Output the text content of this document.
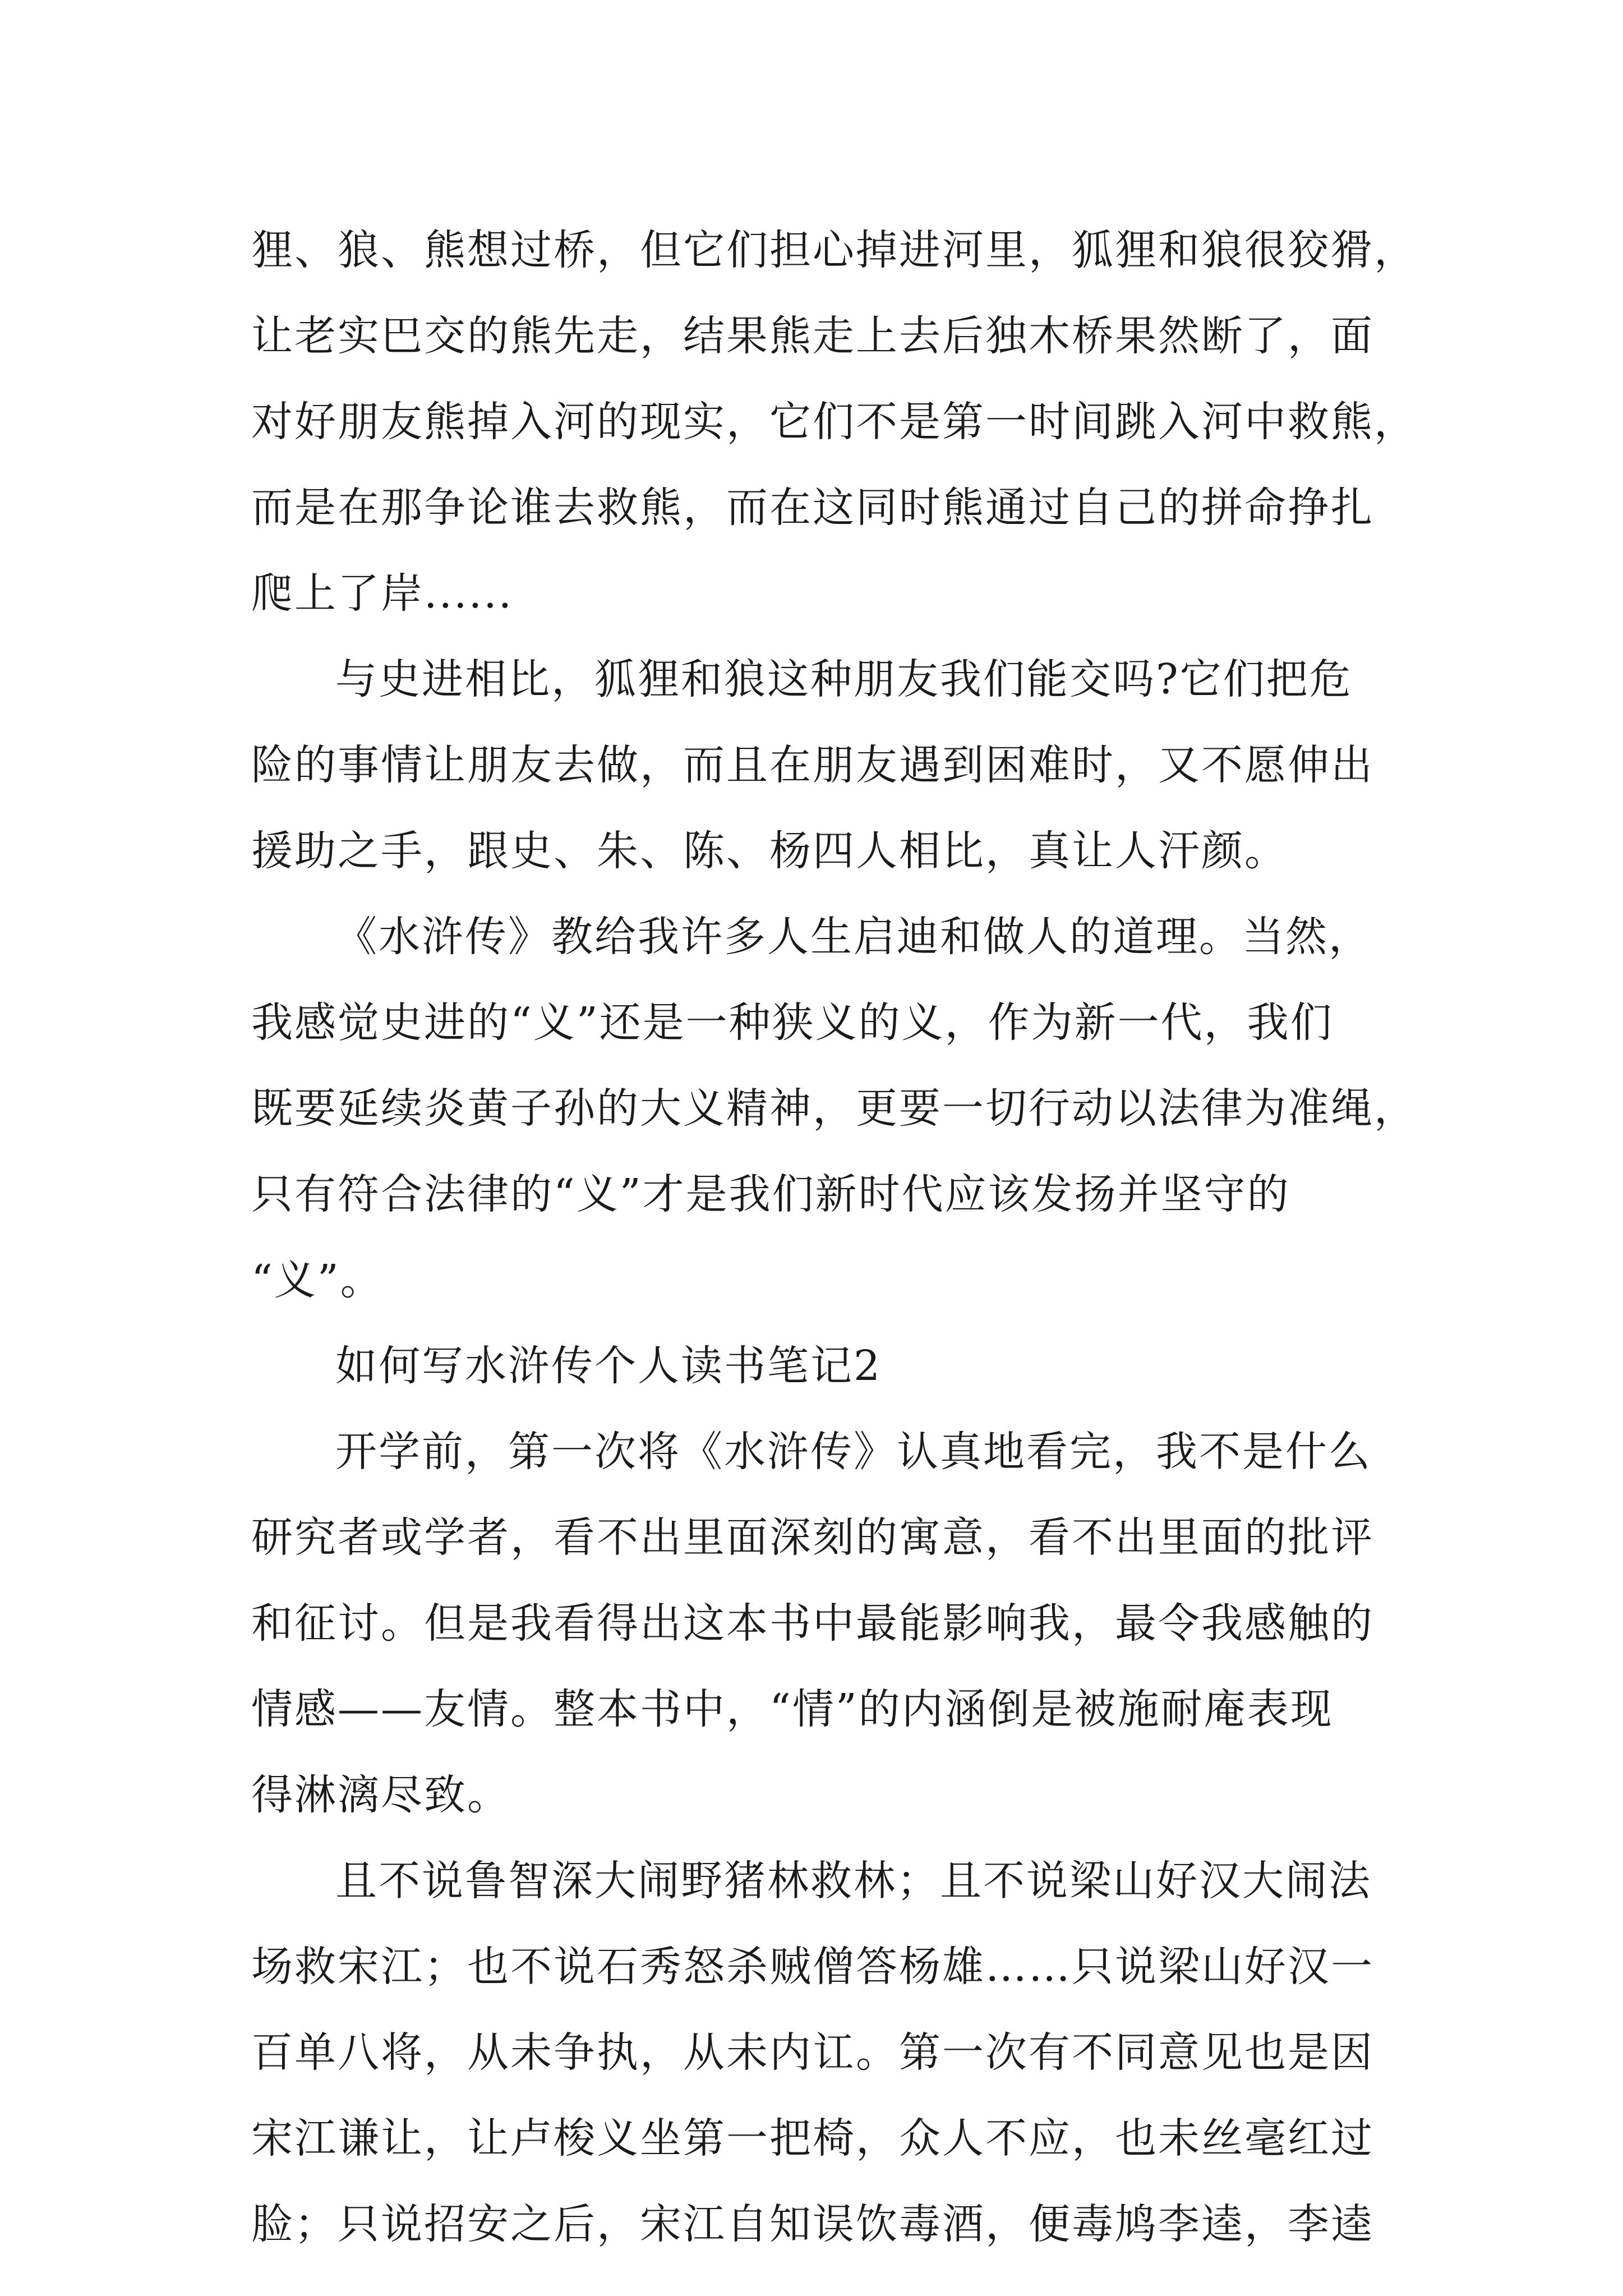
狸、狼、熊想过桥，但它们担心掉进河里，狐狸和狼很狡猾，
让老实巴交的熊先走，结果熊走上去后独木桥果然断了，面
对好朋友熊掉入河的现实，它们不是第一时间跳入河中救熊，
而是在那争论谁去救熊，而在这同时熊通过自己的拼命挣扎
爬上了岸......
与史进相比，狐狸和狼这种朋友我们能交吗?它们把危
险的事情让朋友去做，而且在朋友遇到困难时，又不愿伸出
援助之手，跟史、朱、陈、杨四人相比，真让人汗颜。
《水浒传》教给我许多人生启迪和做人的道理。当然，
我感觉史进的“义”还是一种狭义的义，作为新一代，我们
既要延续炎黄子孙的大义精神，更要一切行动以法律为准绳，
只有符合法律的“义”才是我们新时代应该发扬并坚守的
“义”。
如何写水浒传个人读书笔记2
开学前，第一次将《水浒传》认真地看完，我不是什么
研究者或学者，看不出里面深刻的寓意，看不出里面的批评
和征讨。但是我看得出这本书中最能影响我，最令我感触的
情感——友情。整本书中，“情”的内涵倒是被施耐庵表现
得淋漓尽致。
且不说鲁智深大闹野猪林救林；且不说梁山好汉大闹法
场救宋江；也不说石秀怒杀贼僧答杨雄……只说梁山好汉一
百单八将，从未争执，从未内讧。第一次有不同意见也是因
宋江谦让，让卢梭义坐第一把椅，众人不应，也未丝毫红过
脸；只说招安之后，宋江自知误饮毒酒，便毒鸠李逵，李逵
